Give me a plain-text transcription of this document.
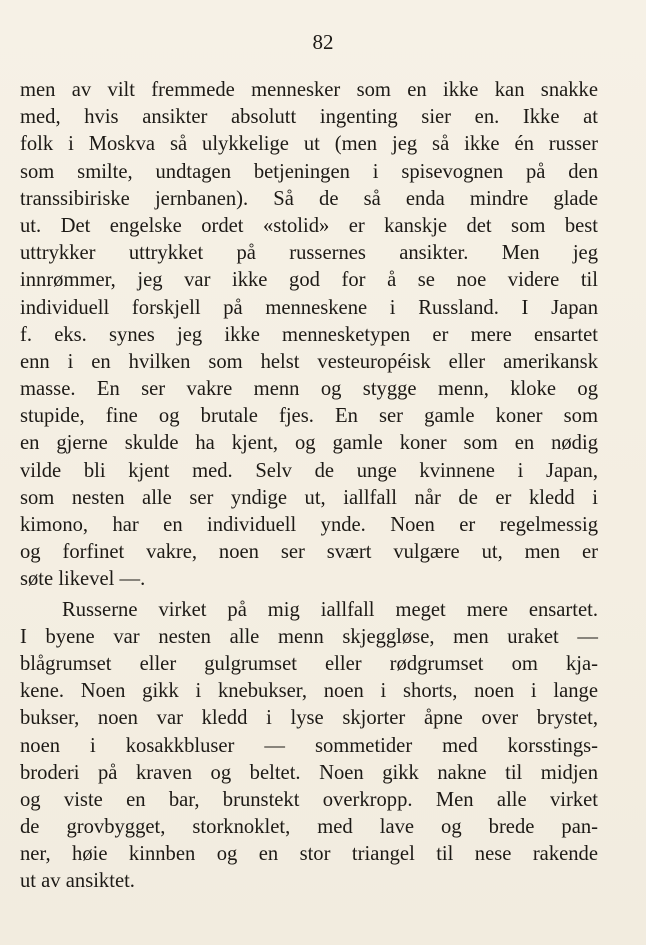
82
men av vilt fremmede mennesker som en ikke kan snakke
med, hvis ansikter absolutt ingenting sier en. Ikke at
folk i Moskva så ulykkelige ut (men jeg så ikke én russer
som smilte, undtagen betjeningen i spisevognen på den
transsibiriske jernbanen). Så de så enda mindre glade
ut. Det engelske ordet «stolid» er kanskje det som best
uttrykker uttrykket på russernes ansikter. Men jeg
innrømmer, jeg var ikke god for å se noe videre til
individuell forskjell på menneskene i Russland. I Japan
f. eks. synes jeg ikke mennesketypen er mere ensartet
enn i en hvilken som helst vesteuropéisk eller amerikansk
masse. En ser vakre menn og stygge menn, kloke og
stupide, fine og brutale fjes. En ser gamle koner som
en gjerne skulde ha kjent, og gamle koner som en nødig
vilde bli kjent med. Selv de unge kvinnene i Japan,
som nesten alle ser yndige ut, iallfall når de er kledd i
kimono, har en individuell ynde. Noen er regelmessig
og forfinet vakre, noen ser svært vulgære ut, men er
søte likevel —.
Russerne virket på mig iallfall meget mere ensartet.
I byene var nesten alle menn skjeggløse, men uraket —
blågrumset eller gulgrumset eller rødgrumset om kja-
kene. Noen gikk i knebukser, noen i shorts, noen i lange
bukser, noen var kledd i lyse skjorter åpne over brystet,
noen i kosakkbluser — sommetider med korsstings-
broderi på kraven og beltet. Noen gikk nakne til midjen
og viste en bar, brunstekt overkropp. Men alle virket
de grovbygget, storknoklet, med lave og brede pan-
ner, høie kinnben og en stor triangel til nese rakende
ut av ansiktet.
